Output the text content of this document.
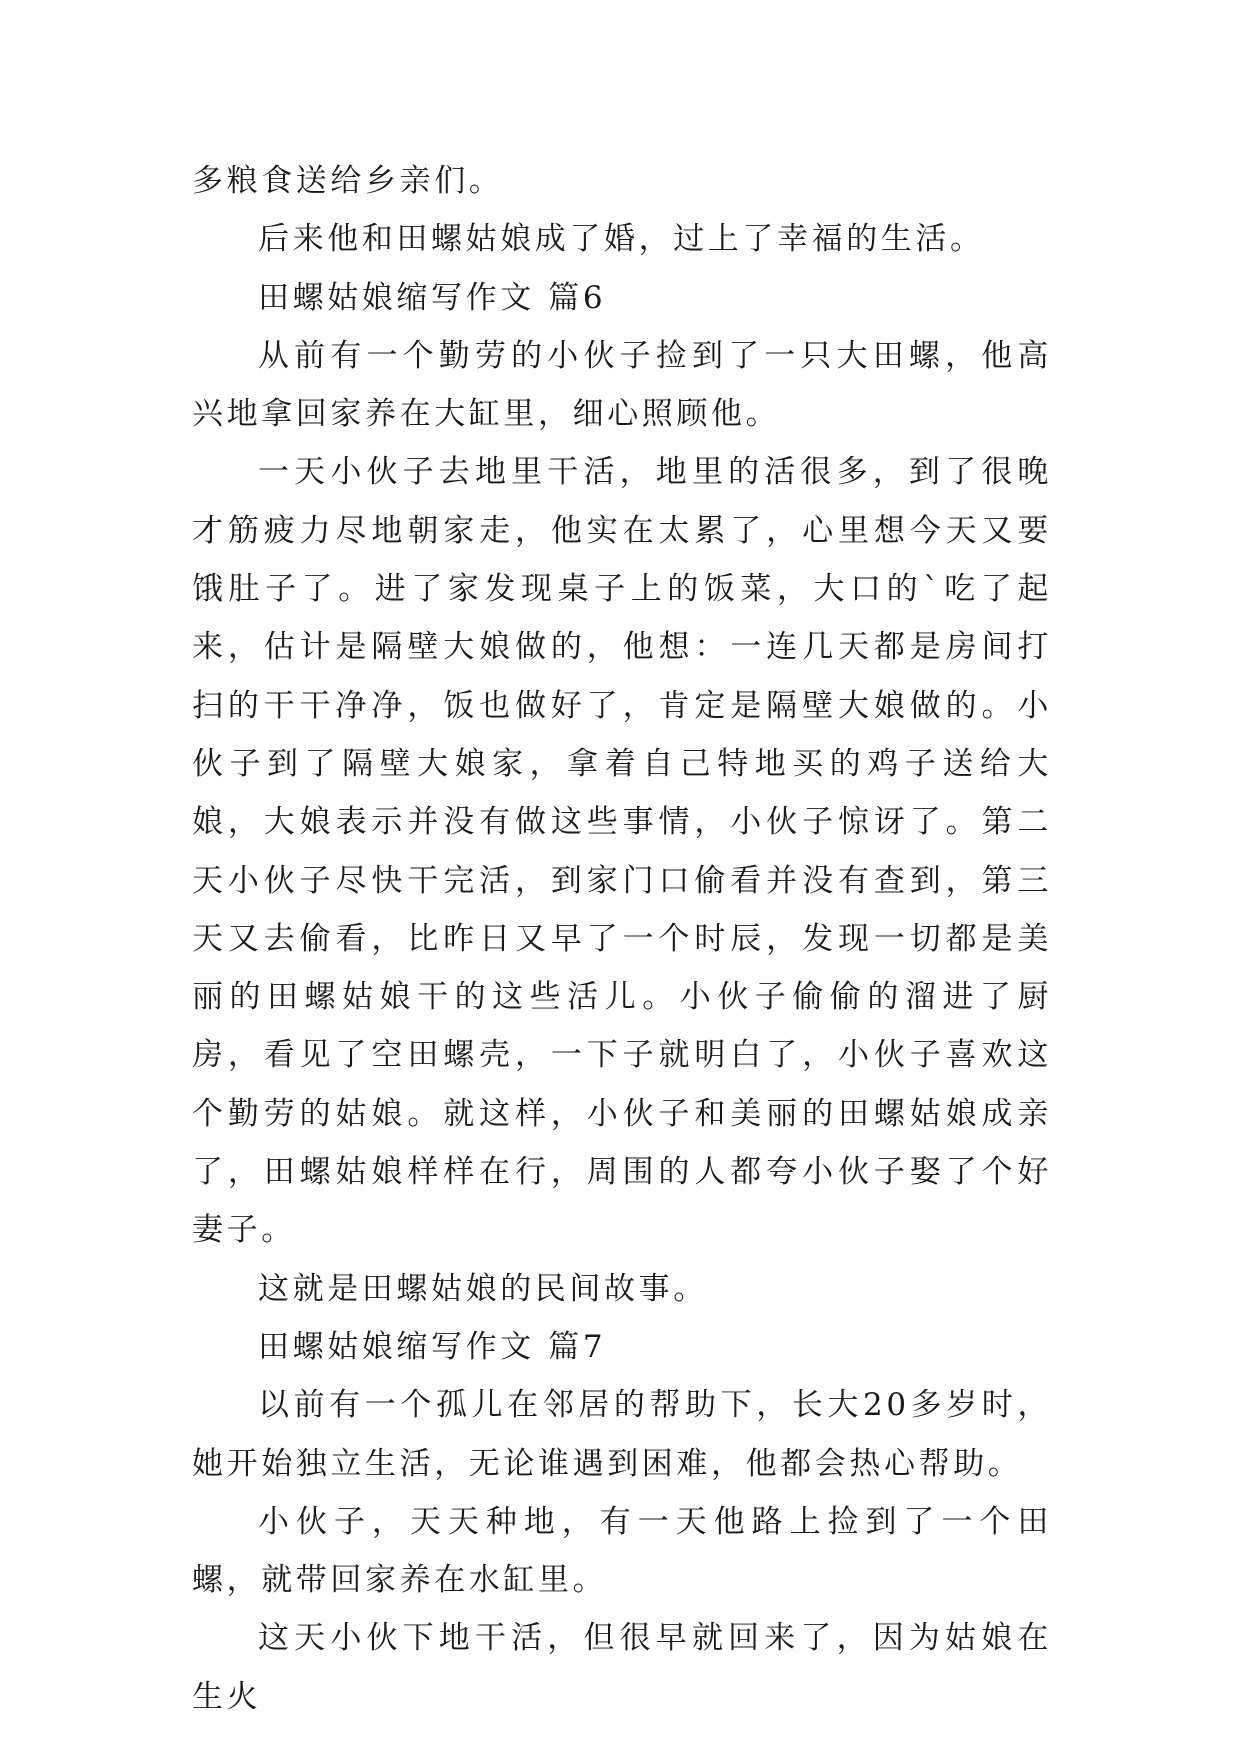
多粮食送给乡亲们。

后来他和田螺姑娘成了婚，过上了幸福的生活。

田螺姑娘缩写作文 篇6

从前有一个勤劳的小伙子捡到了一只大田螺，他高兴地拿回家养在大缸里，细心照顾他。

一天小伙子去地里干活，地里的活很多，到了很晚才筋疲力尽地朝家走，他实在太累了，心里想今天又要饿肚子了。进了家发现桌子上的饭菜，大口的`吃了起来，估计是隔壁大娘做的，他想：一连几天都是房间打扫的干干净净，饭也做好了，肯定是隔壁大娘做的。小伙子到了隔壁大娘家，拿着自己特地买的鸡子送给大娘，大娘表示并没有做这些事情，小伙子惊讶了。第二天小伙子尽快干完活，到家门口偷看并没有查到，第三天又去偷看，比昨日又早了一个时辰，发现一切都是美丽的田螺姑娘干的这些活儿。小伙子偷偷的溜进了厨房，看见了空田螺壳，一下子就明白了，小伙子喜欢这个勤劳的姑娘。就这样，小伙子和美丽的田螺姑娘成亲了，田螺姑娘样样在行，周围的人都夸小伙子娶了个好妻子。

这就是田螺姑娘的民间故事。

田螺姑娘缩写作文 篇7

以前有一个孤儿在邻居的帮助下，长大20多岁时，她开始独立生活，无论谁遇到困难，他都会热心帮助。

小伙子，天天种地，有一天他路上捡到了一个田螺，就带回家养在水缸里。

这天小伙下地干活，但很早就回来了，因为姑娘在生火
